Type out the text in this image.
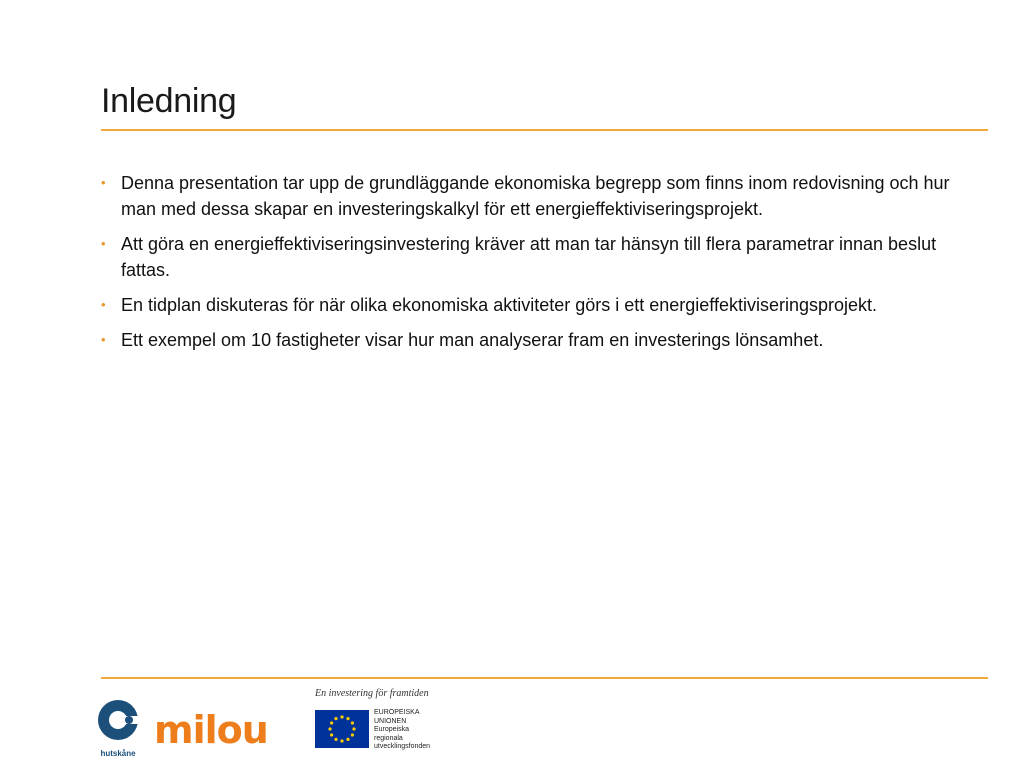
Inledning
• Denna presentation tar upp de grundläggande ekonomiska begrepp som finns inom redovisning och hur man med dessa skapar en investeringskalkyl för ett energieffektiviseringsprojekt.
• Att göra en energieffektiviseringsinvestering kräver att man tar hänsyn till flera parametrar innan beslut fattas.
• En tidplan diskuteras för när olika ekonomiska aktiviteter görs i ett energieffektiviseringsprojekt.
• Ett exempel om 10 fastigheter visar hur man analyserar fram en investerings lönsamhet.
hutskåne
milou
En investering för framtiden
EUROPEISKA
UNIONEN
Europeiska
regionala
utvecklingsfonden
